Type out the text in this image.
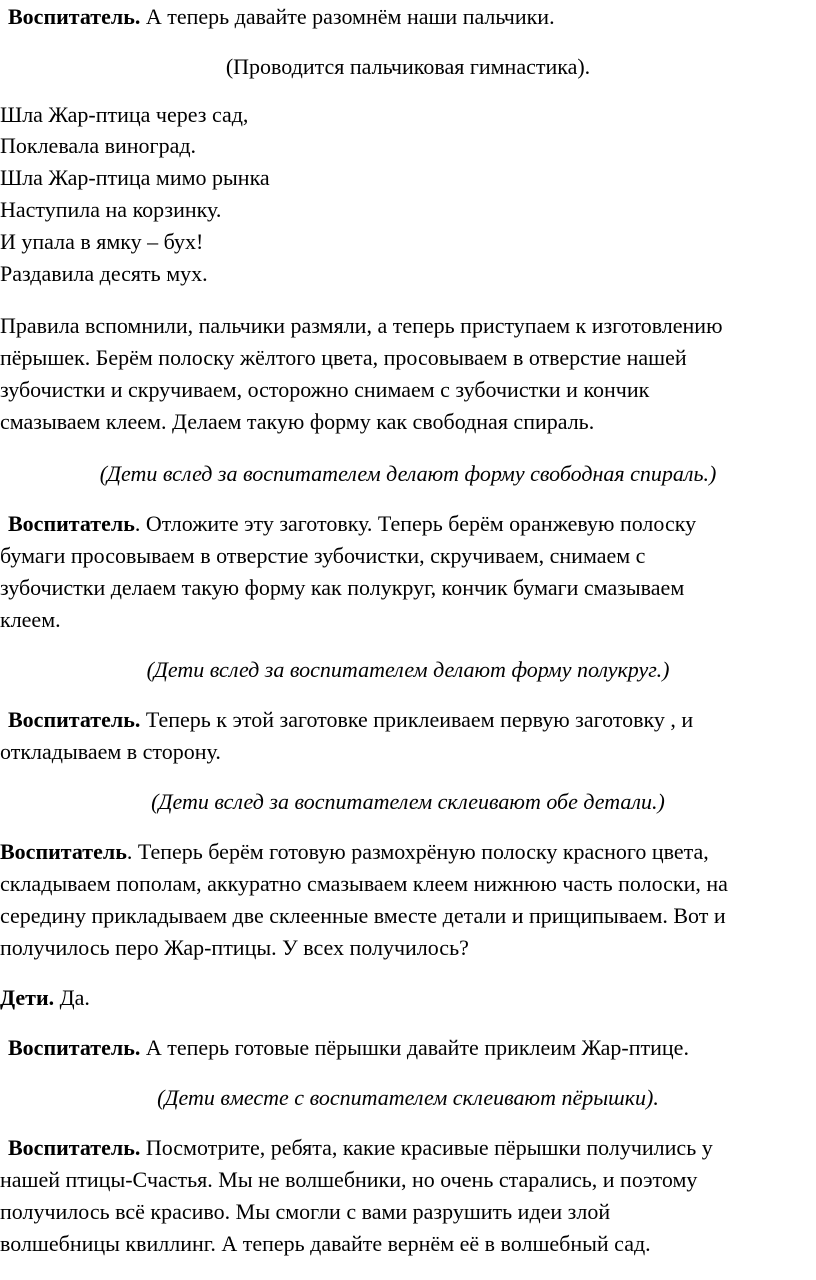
Воспитатель. А теперь давайте разомнём наши пальчики.
(Проводится пальчиковая гимнастика).
Шла Жар-птица через сад,
Поклевала виноград.
Шла Жар-птица мимо рынка
Наступила на корзинку.
И упала в ямку – бух!
Раздавила десять мух.
Правила вспомнили, пальчики размяли, а теперь приступаем к изготовлению
пёрышек. Берём полоску жёлтого цвета, просовываем в отверстие нашей
зубочистки и скручиваем, осторожно снимаем с зубочистки и кончик
смазываем клеем. Делаем такую форму как свободная спираль.
(Дети вслед за воспитателем делают форму свободная спираль.)
Воспитатель. Отложите эту заготовку. Теперь берём оранжевую полоску
бумаги просовываем в отверстие зубочистки, скручиваем, снимаем с
зубочистки делаем такую форму как полукруг, кончик бумаги смазываем
клеем.
(Дети вслед за воспитателем делают форму полукруг.)
Воспитатель. Теперь к этой заготовке приклеиваем первую заготовку , и
откладываем в сторону.
(Дети вслед за воспитателем склеивают обе детали.)
Воспитатель. Теперь берём готовую размохрёную полоску красного цвета,
складываем пополам, аккуратно смазываем клеем нижнюю часть полоски, на
середину прикладываем две склеенные вместе детали и прищипываем. Вот и
получилось перо Жар-птицы. У всех получилось?
Дети. Да.
Воспитатель. А теперь готовые пёрышки давайте приклеим Жар-птице.
(Дети вместе с воспитателем склеивают пёрышки).
Воспитатель. Посмотрите, ребята, какие красивые пёрышки получились у
нашей птицы-Счастья. Мы не волшебники, но очень старались, и поэтому
получилось всё красиво. Мы смогли с вами разрушить идеи злой
волшебницы квиллинг. А теперь давайте вернём её в волшебный сад.
